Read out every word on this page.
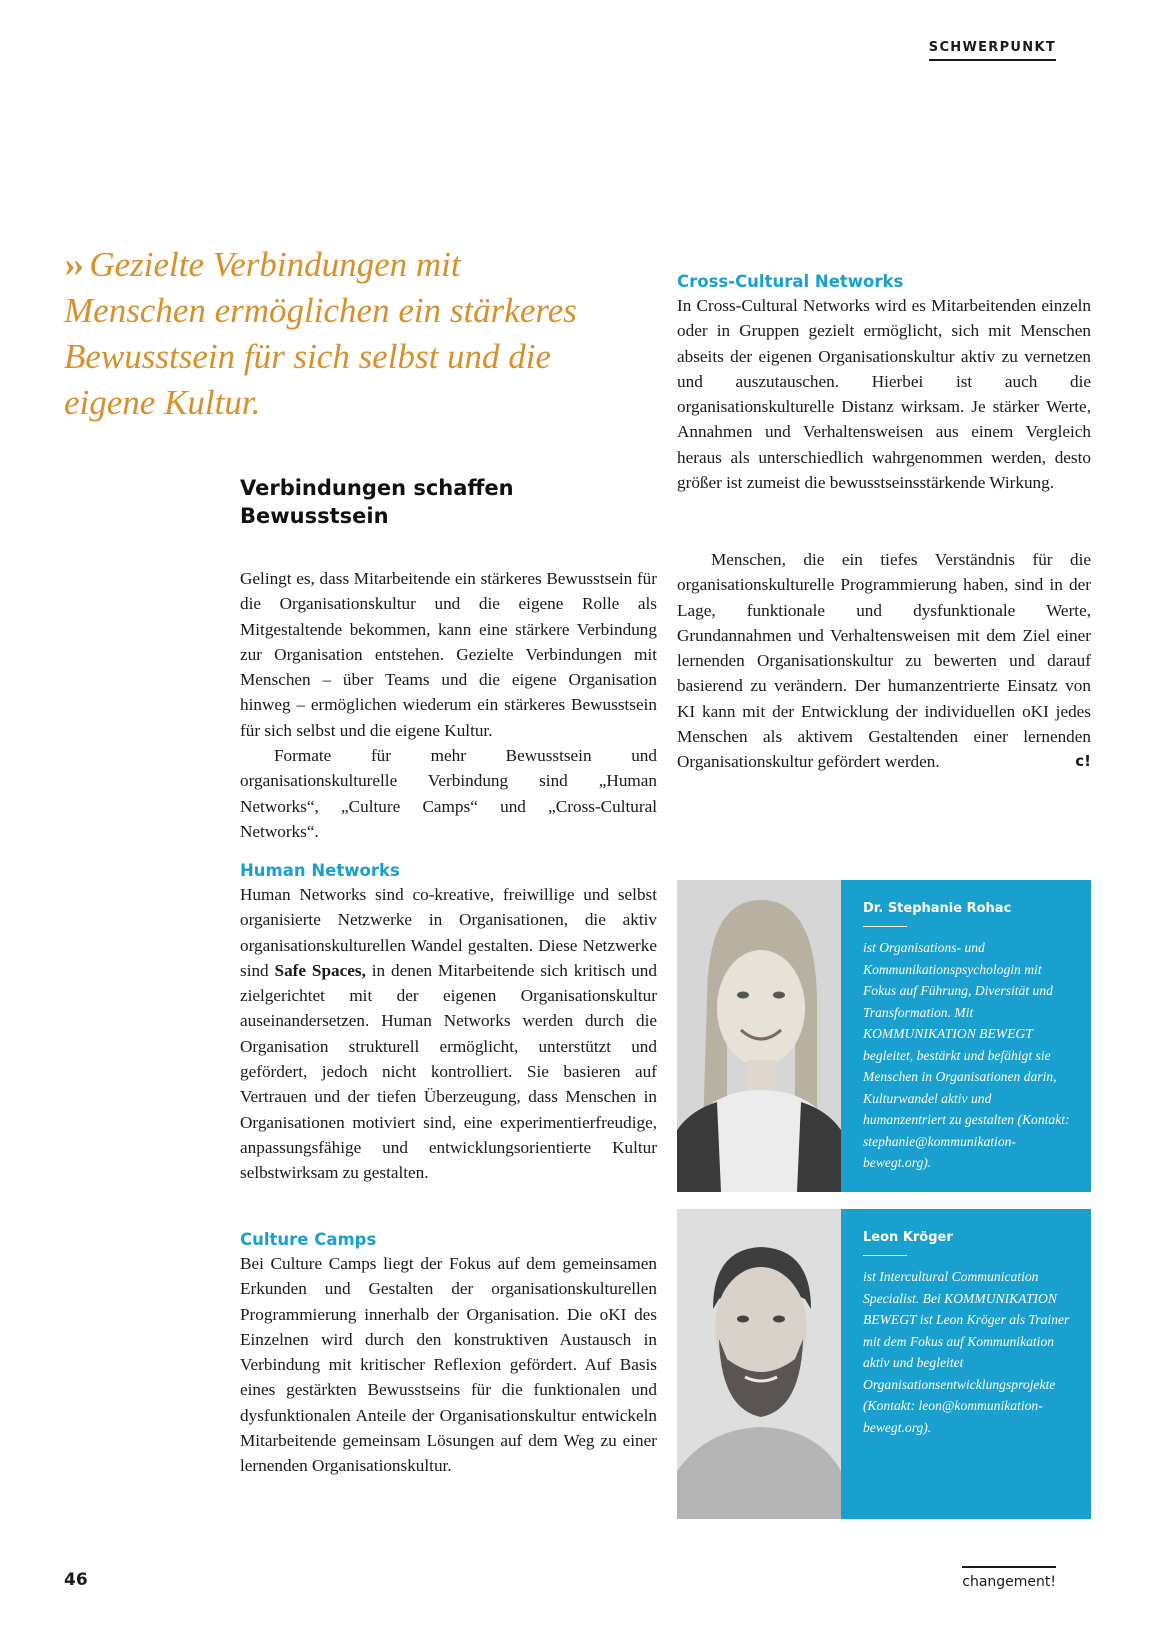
SCHWERPUNKT
›› Gezielte Verbindungen mit Menschen ermöglichen ein stärkeres Bewusstsein für sich selbst und die eigene Kultur.
Verbindungen schaffen
Bewusstsein

Gelingt es, dass Mitarbeitende ein stärkeres Bewusstsein für die Organisationskultur und die eigene Rolle als Mitgestaltende bekommen, kann eine stärkere Verbindung zur Organisation entstehen. Gezielte Verbindungen mit Menschen – über Teams und die eigene Organisation hinweg – ermöglichen wiederum ein stärkeres Bewusstsein für sich selbst und die eigene Kultur.

Formate für mehr Bewusstsein und organisationskulturelle Verbindung sind „Human Networks“, „Culture Camps“ und „Cross-Cultural Networks“.

Human Networks

Human Networks sind co-kreative, freiwillige und selbst organisierte Netzwerke in Organisationen, die aktiv organisationskulturellen Wandel gestalten. Diese Netzwerke sind Safe Spaces, in denen Mitarbeitende sich kritisch und zielgerichtet mit der eigenen Organisationskultur auseinandersetzen. Human Networks werden durch die Organisation strukturell ermöglicht, unterstützt und gefördert, jedoch nicht kontrolliert. Sie basieren auf Vertrauen und der tiefen Überzeugung, dass Menschen in Organisationen motiviert sind, eine experimentierfreudige, anpassungsfähige und entwicklungsorientierte Kultur selbstwirksam zu gestalten.

Culture Camps

Bei Culture Camps liegt der Fokus auf dem gemeinsamen Erkunden und Gestalten der organisationskulturellen Programmierung innerhalb der Organisation. Die oKI des Einzelnen wird durch den konstruktiven Austausch in Verbindung mit kritischer Reflexion gefördert. Auf Basis eines gestärkten Bewusstseins für die funktionalen und dysfunktionalen Anteile der Organisationskultur entwickeln Mitarbeitende gemeinsam Lösungen auf dem Weg zu einer lernenden Organisationskultur.

Cross-Cultural Networks

In Cross-Cultural Networks wird es Mitarbeitenden einzeln oder in Gruppen gezielt ermöglicht, sich mit Menschen abseits der eigenen Organisationskultur aktiv zu vernetzen und auszutauschen. Hierbei ist auch die organisationskulturelle Distanz wirksam. Je stärker Werte, Annahmen und Verhaltensweisen aus einem Vergleich heraus als unterschiedlich wahrgenommen werden, desto größer ist zumeist die bewusstseinsstärkende Wirkung.

Menschen, die ein tiefes Verständnis für die organisationskulturelle Programmierung haben, sind in der Lage, funktionale und dysfunktionale Werte, Grundannahmen und Verhaltensweisen mit dem Ziel einer lernenden Organisationskultur zu bewerten und darauf basierend zu verändern. Der humanzentrierte Einsatz von KI kann mit der Entwicklung der individuellen oKI jedes Menschen als aktivem Gestaltenden einer lernenden Organisationskultur gefördert werden.	c!

Dr. Stephanie Rohac
ist Organisations- und Kommunikationspsychologin mit Fokus auf Führung, Diversität und Transformation. Mit KOMMUNIKATION BEWEGT begleitet, bestärkt und befähigt sie Menschen in Organisationen darin, Kulturwandel aktiv und humanzentriert zu gestalten (Kontakt: stephanie@kommunikation-bewegt.org).
Leon Kröger
ist Intercultural Communication Specialist. Bei KOMMUNIKATION BEWEGT ist Leon Kröger als Trainer mit dem Fokus auf Kommunikation aktiv und begleitet Organisationsentwicklungsprojekte (Kontakt: leon@kommunikation-bewegt.org).
46	changement!
